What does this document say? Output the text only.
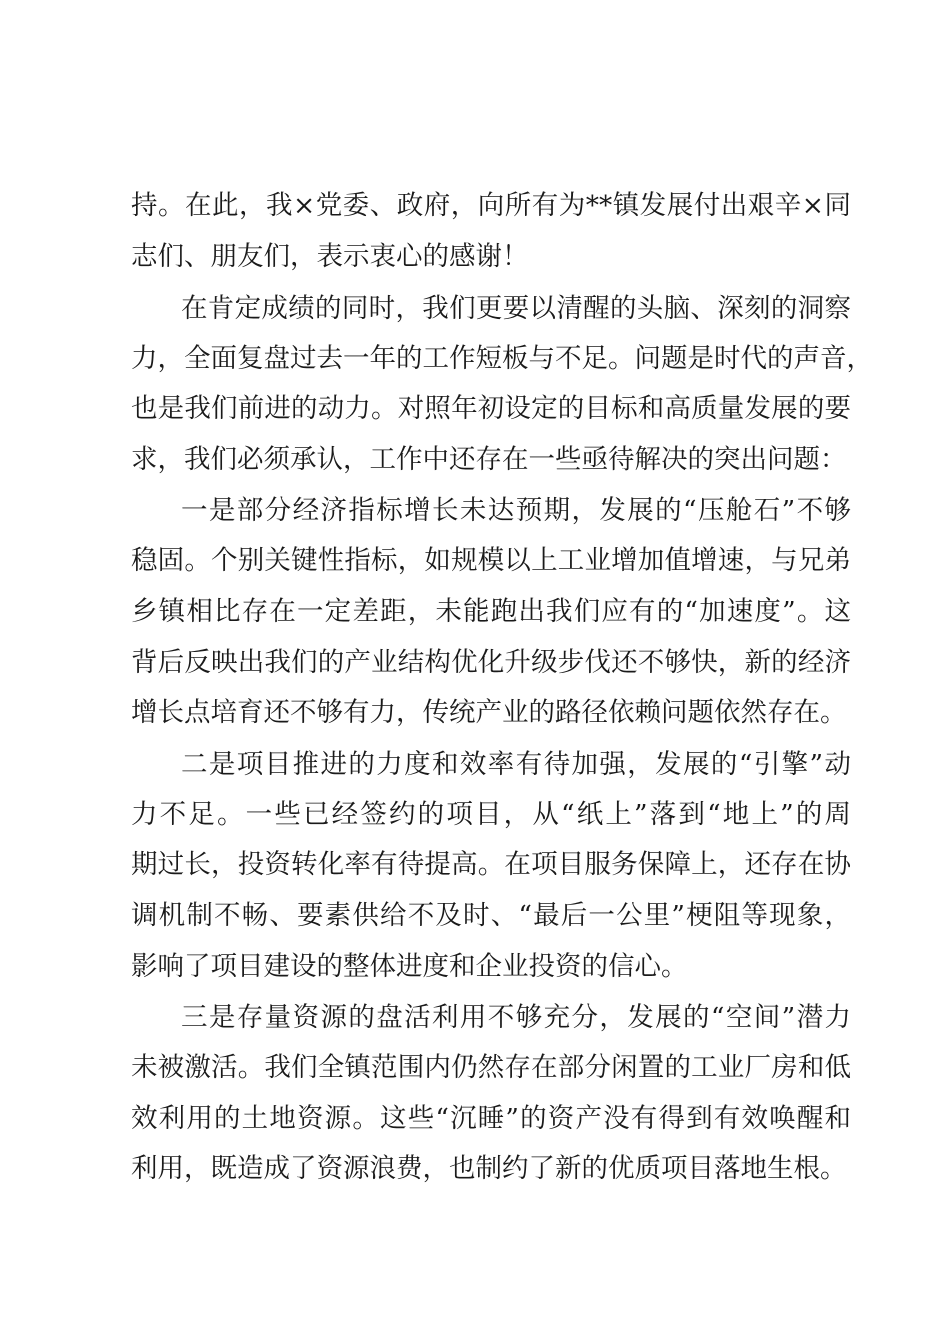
持。在此，我×党委、政府，向所有为**镇发展付出艰辛×同
志们、朋友们，表示衷心的感谢！
在肯定成绩的同时，我们更要以清醒的头脑、深刻的洞察
力，全面复盘过去一年的工作短板与不足。问题是时代的声音，
也是我们前进的动力。对照年初设定的目标和高质量发展的要
求，我们必须承认，工作中还存在一些亟待解决的突出问题：
一是部分经济指标增长未达预期，发展的“压舱石”不够
稳固。个别关键性指标，如规模以上工业增加值增速，与兄弟
乡镇相比存在一定差距，未能跑出我们应有的“加速度”。这
背后反映出我们的产业结构优化升级步伐还不够快，新的经济
增长点培育还不够有力，传统产业的路径依赖问题依然存在。
二是项目推进的力度和效率有待加强，发展的“引擎”动
力不足。一些已经签约的项目，从“纸上”落到“地上”的周
期过长，投资转化率有待提高。在项目服务保障上，还存在协
调机制不畅、要素供给不及时、“最后一公里”梗阻等现象，
影响了项目建设的整体进度和企业投资的信心。
三是存量资源的盘活利用不够充分，发展的“空间”潜力
未被激活。我们全镇范围内仍然存在部分闲置的工业厂房和低
效利用的土地资源。这些“沉睡”的资产没有得到有效唤醒和
利用，既造成了资源浪费，也制约了新的优质项目落地生根。
